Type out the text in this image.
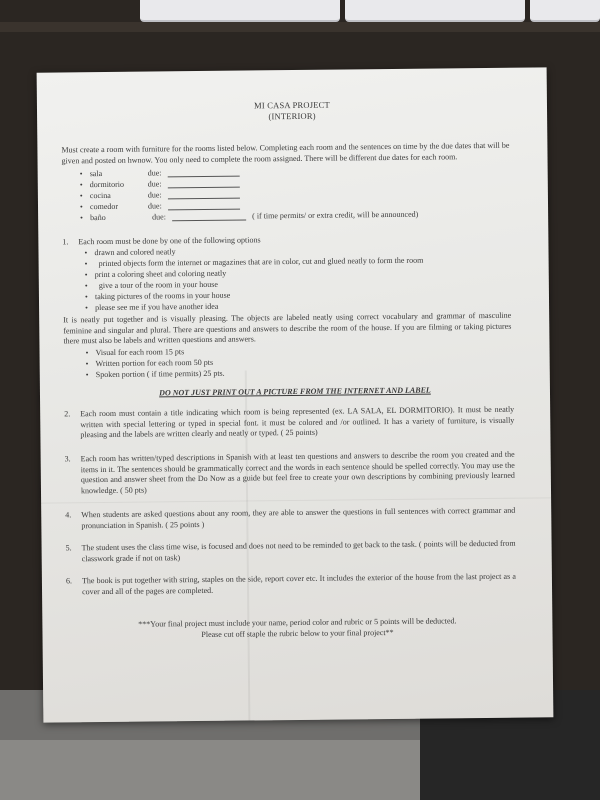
MI CASA PROJECT
(INTERIOR)
Must create a room with furniture for the rooms listed below. Completing each room and the sentences on time by the due dates that will be given and posted on hwnow. You only need to complete the room assigned. There will be different due dates for each room.
• sala	due:
• dormitorio	due:
• cocina	due:
• comedor	due:
• baño	due:	( if time permits/ or extra credit, will be announced)
1. Each room must be done by one of the following options
• drawn and colored neatly
• printed objects form the internet or magazines that are in color, cut and glued neatly to form the room
• print a coloring sheet and coloring neatly
• give a tour of the room in your house
• taking pictures of the rooms in your house
• please see me if you have another idea
It is neatly put together and is visually pleasing. The objects are labeled neatly using correct vocabulary and grammar of masculine feminine and singular and plural. There are questions and answers to describe the room of the house. If you are filming or taking pictures there must also be labels and written questions and answers.
• Visual for each room 15 pts
• Written portion for each room 50 pts
• Spoken portion ( if time permits) 25 pts.
DO NOT JUST PRINT OUT A PICTURE FROM THE INTERNET AND LABEL
2. Each room must contain a title indicating which room is being represented (ex. LA SALA, EL DORMITORIO). It must be neatly written with special lettering or typed in special font. it must be colored and /or outlined. It has a variety of furniture, is visually pleasing and the labels are written clearly and neatly or typed. ( 25 points)
3. Each room has written/typed descriptions in Spanish with at least ten questions and answers to describe the room you created and the items in it. The sentences should be grammatically correct and the words in each sentence should be spelled correctly. You may use the question and answer sheet from the Do Now as a guide but feel free to create your own descriptions by combining previously learned knowledge. ( 50 pts)
4. When students are asked questions about any room, they are able to answer the questions in full sentences with correct grammar and pronunciation in Spanish. ( 25 points )
5. The student uses the class time wise, is focused and does not need to be reminded to get back to the task. ( points will be deducted from classwork grade if not on task)
6. The book is put together with string, staples on the side, report cover etc. It includes the exterior of the house from the last project as a cover and all of the pages are completed.
***Your final project must include your name, period color and rubric or 5 points will be deducted.
Please cut off staple the rubric below to your final project**
